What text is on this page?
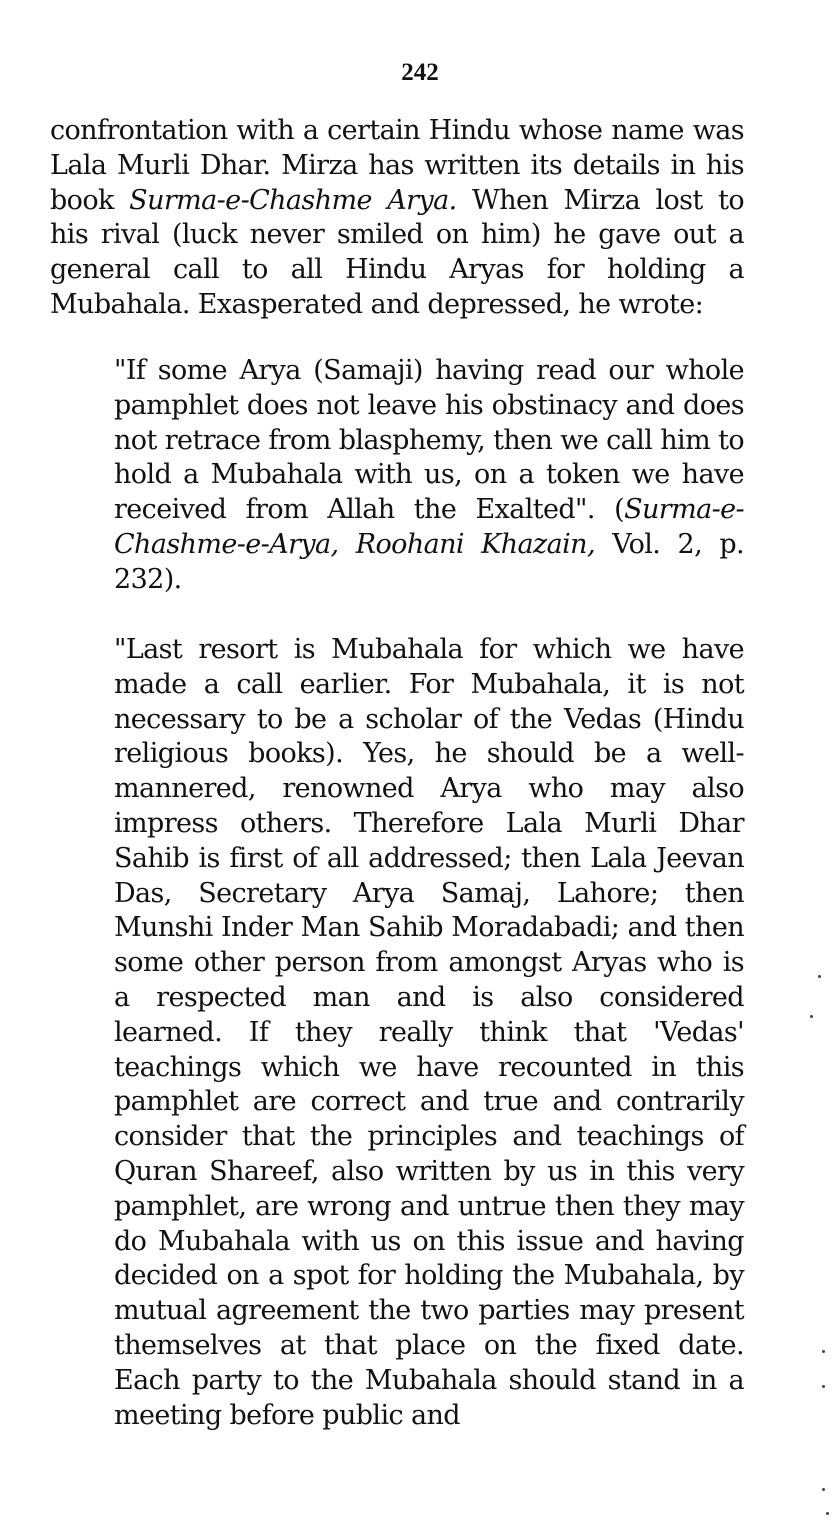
242

confrontation with a certain Hindu whose name was Lala Murli Dhar. Mirza has written its details in his book Surma-e-Chashme Arya. When Mirza lost to his rival (luck never smiled on him) he gave out a general call to all Hindu Aryas for holding a Mubahala. Exasperated and depressed, he wrote:

"If some Arya (Samaji) having read our whole pamphlet does not leave his obstinacy and does not retrace from blasphemy, then we call him to hold a Mubahala with us, on a token we have received from Allah the Exalted". (Surma-e-Chashme-e-Arya, Roohani Khazain, Vol. 2, p. 232).

"Last resort is Mubahala for which we have made a call earlier. For Mubahala, it is not necessary to be a scholar of the Vedas (Hindu religious books). Yes, he should be a well-mannered, renowned Arya who may also impress others. Therefore Lala Murli Dhar Sahib is first of all addressed; then Lala Jeevan Das, Secretary Arya Samaj, Lahore; then Munshi Inder Man Sahib Moradabadi; and then some other person from amongst Aryas who is a respected man and is also considered learned. If they really think that 'Vedas' teachings which we have recounted in this pamphlet are correct and true and contrarily consider that the principles and teachings of Quran Shareef, also written by us in this very pamphlet, are wrong and untrue then they may do Mubahala with us on this issue and having decided on a spot for holding the Mubahala, by mutual agreement the two parties may present themselves at that place on the fixed date. Each party to the Mubahala should stand in a meeting before public and
